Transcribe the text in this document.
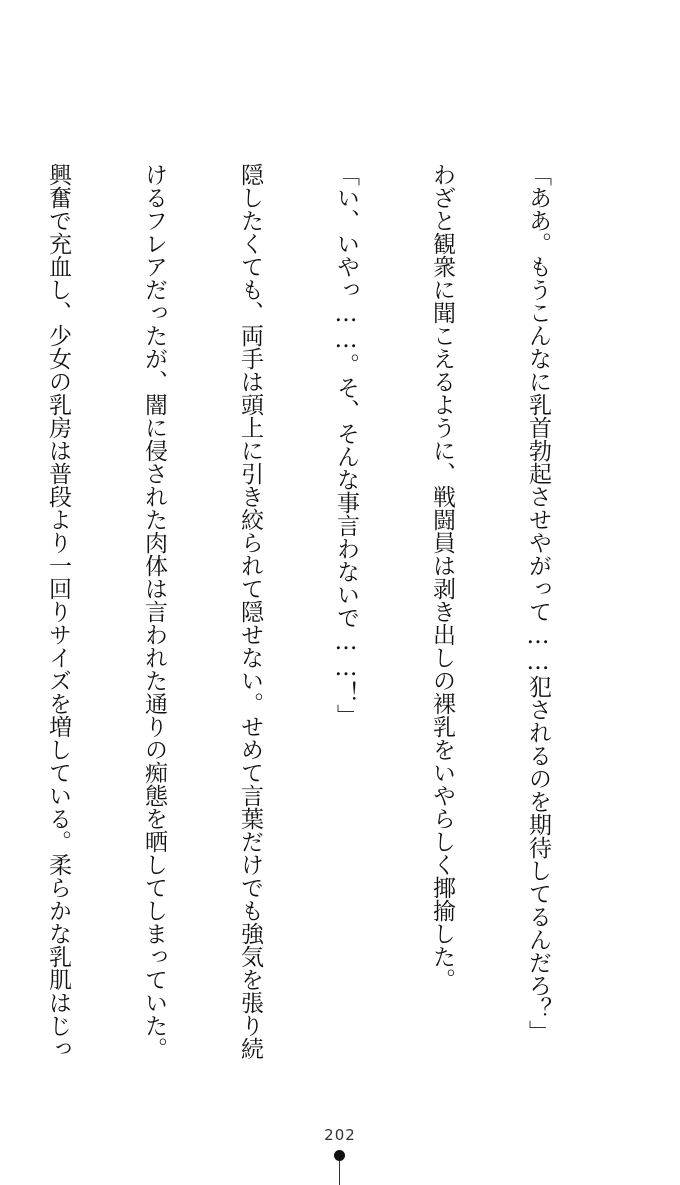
「ああ。もうこんなに乳首勃起させやがって……犯されるのを期待してるんだろ？」

わざと観衆に聞こえるように、戦闘員は剥き出しの裸乳をいやらしく揶揄した。

「い、いやっ……。そ、そんな事言わないで……！」

隠したくても、両手は頭上に引き絞られて隠せない。せめて言葉だけでも強気を張り続

けるフレアだったが、闇に侵された肉体は言われた通りの痴態を晒してしまっていた。

興奮で充血し、少女の乳房は普段より一回りサイズを増している。柔らかな乳肌はじっ

202
